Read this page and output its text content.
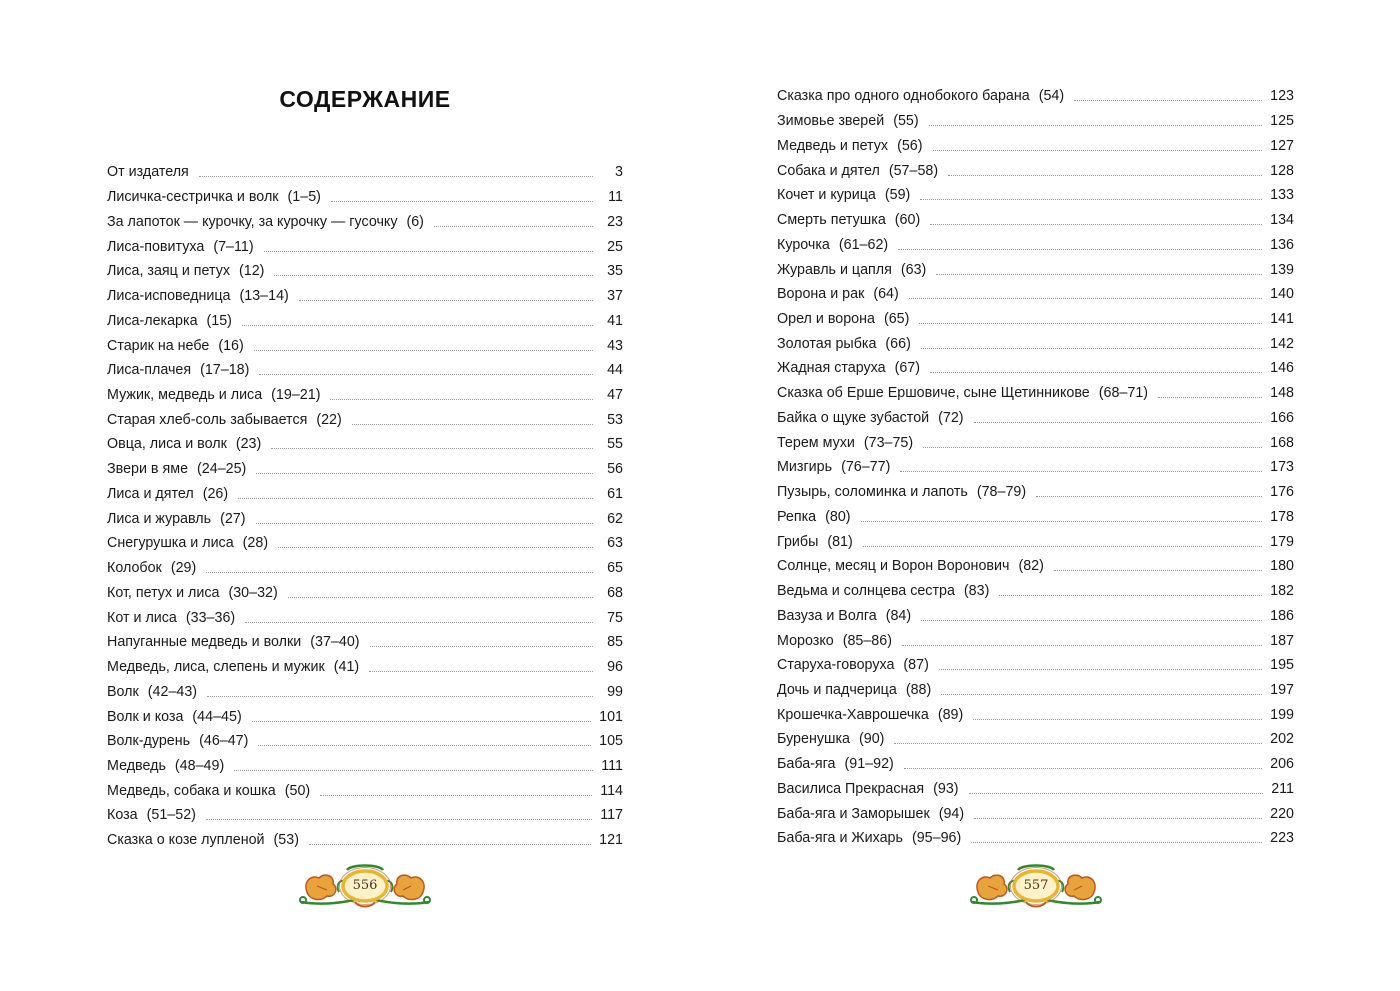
СОДЕРЖАНИЕ
От издателя	3
Лисичка-сестричка и волк (1–5)	11
За лапоток — курочку, за курочку — гусочку (6)	23
Лиса-повитуха (7–11)	25
Лиса, заяц и петух (12)	35
Лиса-исповедница (13–14)	37
Лиса-лекарка (15)	41
Старик на небе (16)	43
Лиса-плачея (17–18)	44
Мужик, медведь и лиса (19–21)	47
Старая хлеб-соль забывается (22)	53
Овца, лиса и волк (23)	55
Звери в яме (24–25)	56
Лиса и дятел (26)	61
Лиса и журавль (27)	62
Снегурушка и лиса (28)	63
Колобок (29)	65
Кот, петух и лиса (30–32)	68
Кот и лиса (33–36)	75
Напуганные медведь и волки (37–40)	85
Медведь, лиса, слепень и мужик (41)	96
Волк (42–43)	99
Волк и коза (44–45)	101
Волк-дурень (46–47)	105
Медведь (48–49)	111
Медведь, собака и кошка (50)	114
Коза (51–52)	117
Сказка о козе лупленой (53)	121
556
Сказка про одного однобокого барана (54)	123
Зимовье зверей (55)	125
Медведь и петух (56)	127
Собака и дятел (57–58)	128
Кочет и курица (59)	133
Смерть петушка (60)	134
Курочка (61–62)	136
Журавль и цапля (63)	139
Ворона и рак (64)	140
Орел и ворона (65)	141
Золотая рыбка (66)	142
Жадная старуха (67)	146
Сказка об Ерше Ершовиче, сыне Щетинникове (68–71)	148
Байка о щуке зубастой (72)	166
Терем мухи (73–75)	168
Мизгирь (76–77)	173
Пузырь, соломинка и лапоть (78–79)	176
Репка (80)	178
Грибы (81)	179
Солнце, месяц и Ворон Воронович (82)	180
Ведьма и солнцева сестра (83)	182
Вазуза и Волга (84)	186
Морозко (85–86)	187
Старуха-говоруха (87)	195
Дочь и падчерица (88)	197
Крошечка-Хаврошечка (89)	199
Буренушка (90)	202
Баба-яга (91–92)	206
Василиса Прекрасная (93)	211
Баба-яга и Заморышек (94)	220
Баба-яга и Жихарь (95–96)	223
557
